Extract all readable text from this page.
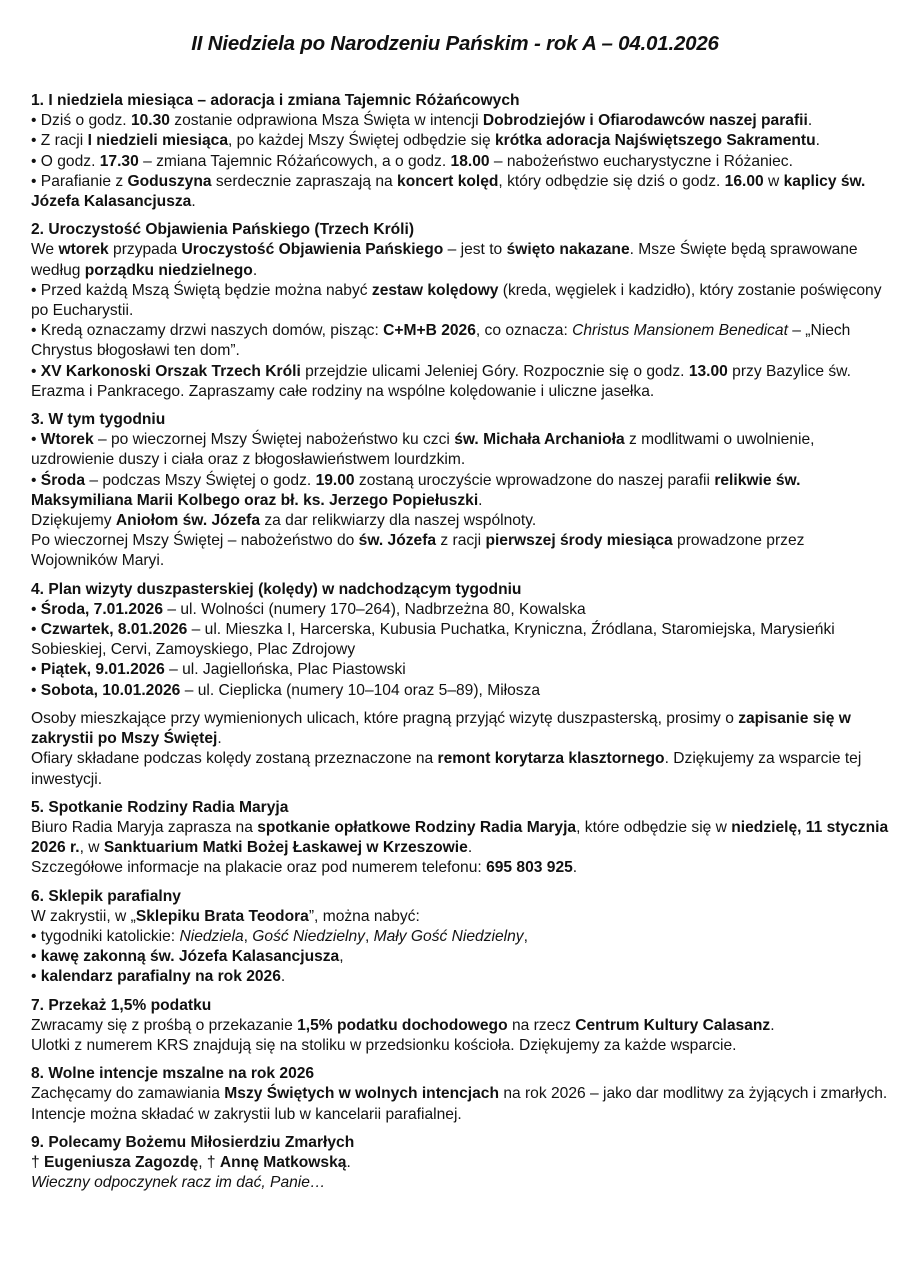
II Niedziela po Narodzeniu Pańskim - rok A – 04.01.2026
1. I niedziela miesiąca – adoracja i zmiana Tajemnic Różańcowych
• Dziś o godz. 10.30 zostanie odprawiona Msza Święta w intencji Dobrodziejów i Ofiarodawców naszej parafii.
• Z racji I niedzieli miesiąca, po każdej Mszy Świętej odbędzie się krótka adoracja Najświętszego Sakramentu.
• O godz. 17.30 – zmiana Tajemnic Różańcowych, a o godz. 18.00 – nabożeństwo eucharystyczne i Różaniec.
• Parafianie z Goduszyna serdecznie zapraszają na koncert kolęd, który odbędzie się dziś o godz. 16.00 w kaplicy św. Józefa Kalasancjusza.
2. Uroczystość Objawienia Pańskiego (Trzech Króli)
We wtorek przypada Uroczystość Objawienia Pańskiego – jest to święto nakazane. Msze Święte będą sprawowane według porządku niedzielnego.
• Przed każdą Mszą Świętą będzie można nabyć zestaw kolędowy (kreda, węgielek i kadzidło), który zostanie poświęcony po Eucharystii.
• Kredą oznaczamy drzwi naszych domów, pisząc: C+M+B 2026, co oznacza: Christus Mansionem Benedicat – „Niech Chrystus błogosławi ten dom”.
• XV Karkonoski Orszak Trzech Króli przejdzie ulicami Jeleniej Góry. Rozpocznie się o godz. 13.00 przy Bazylice św. Erazma i Pankracego. Zapraszamy całe rodziny na wspólne kolędowanie i uliczne jasełka.
3. W tym tygodniu
• Wtorek – po wieczornej Mszy Świętej nabożeństwo ku czci św. Michała Archanioła z modlitwami o uwolnienie, uzdrowienie duszy i ciała oraz z błogosławieństwem lourdzkim.
• Środa – podczas Mszy Świętej o godz. 19.00 zostaną uroczyście wprowadzone do naszej parafii relikwie św. Maksymiliana Marii Kolbego oraz bł. ks. Jerzego Popiełuszki.
Dziękujemy Aniołom św. Józefa za dar relikwiarzy dla naszej wspólnoty.
Po wieczornej Mszy Świętej – nabożeństwo do św. Józefa z racji pierwszej środy miesiąca prowadzone przez Wojowników Maryi.
4. Plan wizyty duszpasterskiej (kolędy) w nadchodzącym tygodniu
• Środa, 7.01.2026 – ul. Wolności (numery 170–264), Nadbrzeżna 80, Kowalska
• Czwartek, 8.01.2026 – ul. Mieszka I, Harcerska, Kubusia Puchatka, Kryniczna, Źródlana, Staromiejska, Marysieńki Sobieskiej, Cervi, Zamoyskiego, Plac Zdrojowy
• Piątek, 9.01.2026 – ul. Jagiellońska, Plac Piastowski
• Sobota, 10.01.2026 – ul. Cieplicka (numery 10–104 oraz 5–89), Miłosza
Osoby mieszkające przy wymienionych ulicach, które pragną przyjąć wizytę duszpasterską, prosimy o zapisanie się w zakrystii po Mszy Świętej.
Ofiary składane podczas kolędy zostaną przeznaczone na remont korytarza klasztornego. Dziękujemy za wsparcie tej inwestycji.
5. Spotkanie Rodziny Radia Maryja
Biuro Radia Maryja zaprasza na spotkanie opłatkowe Rodziny Radia Maryja, które odbędzie się w niedzielę, 11 stycznia 2026 r., w Sanktuarium Matki Bożej Łaskawej w Krzeszowie.
Szczegółowe informacje na plakacie oraz pod numerem telefonu: 695 803 925.
6. Sklepik parafialny
W zakrystii, w „Sklepiku Brata Teodora”, można nabyć:
• tygodniki katolickie: Niedziela, Gość Niedzielny, Mały Gość Niedzielny,
• kawę zakonną św. Józefa Kalasancjusza,
• kalendarz parafialny na rok 2026.
7. Przekaż 1,5% podatku
Zwracamy się z prośbą o przekazanie 1,5% podatku dochodowego na rzecz Centrum Kultury Calasanz.
Ulotki z numerem KRS znajdują się na stoliku w przedsionku kościoła. Dziękujemy za każde wsparcie.
8. Wolne intencje mszalne na rok 2026
Zachęcamy do zamawiania Mszy Świętych w wolnych intencjach na rok 2026 – jako dar modlitwy za żyjących i zmarłych. Intencje można składać w zakrystii lub w kancelarii parafialnej.
9. Polecamy Bożemu Miłosierdziu Zmarłych
† Eugeniusza Zagozdę, † Annę Matkowską.
Wieczny odpoczynek racz im dać, Panie…
